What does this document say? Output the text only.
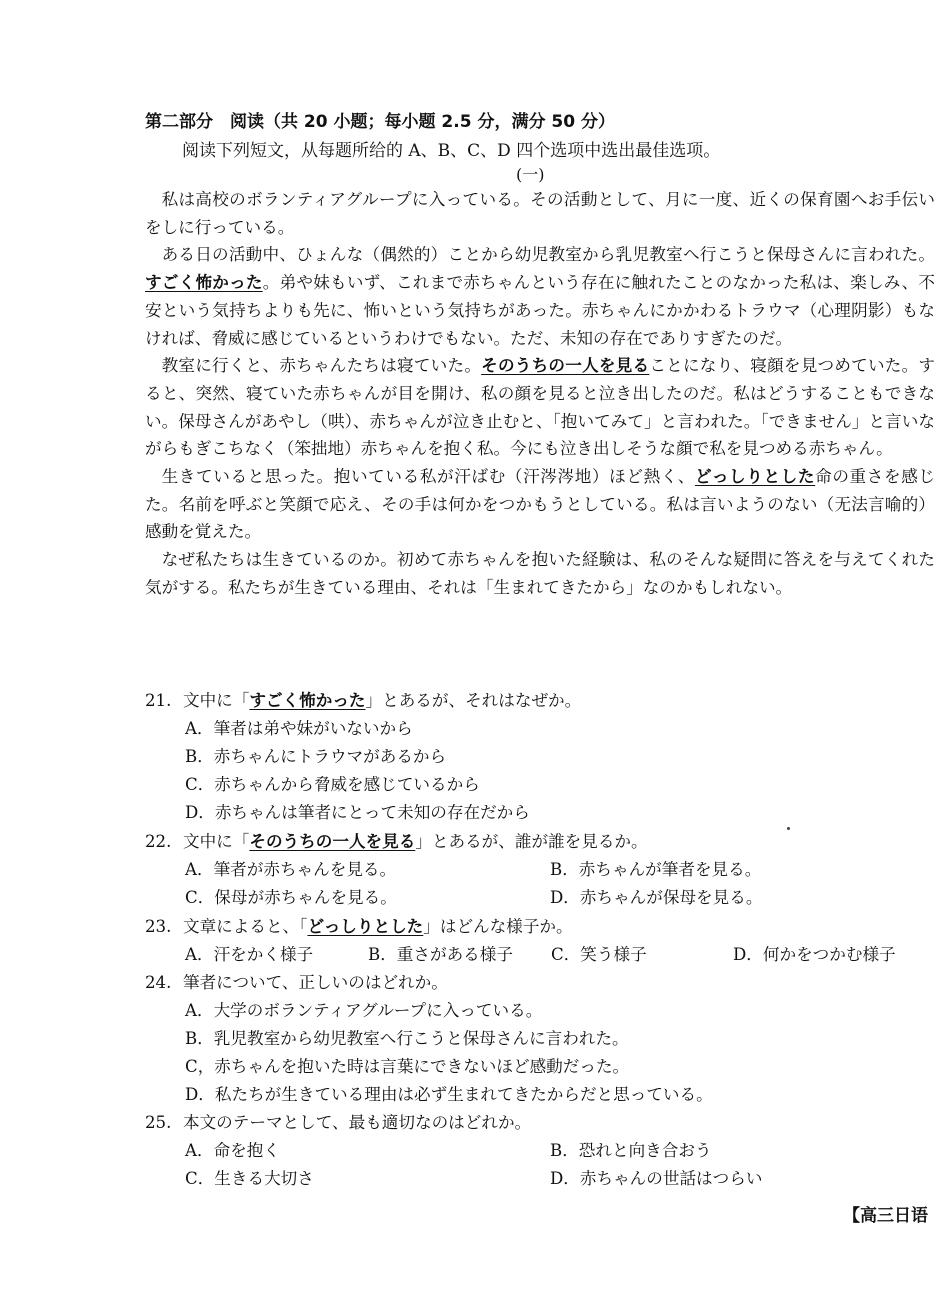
第二部分　阅读（共 20 小题；每小题 2.5 分，满分 50 分）
阅读下列短文，从每题所给的 A、B、C、D 四个选项中选出最佳选项。
(一)

私は高校のボランティアグループに入っている。その活動として、月に一度、近くの保育園へお手伝いをしに行っている。

ある日の活動中、ひょんな（偶然的）ことから幼児教室から乳児教室へ行こうと保母さんに言われた。すごく怖かった。弟や妹もいず、これまで赤ちゃんという存在に触れたことのなかった私は、楽しみ、不安という気持ちよりも先に、怖いという気持ちがあった。赤ちゃんにかかわるトラウマ（心理阴影）もなければ、脅威に感じているというわけでもない。ただ、未知の存在でありすぎたのだ。

教室に行くと、赤ちゃんたちは寝ていた。そのうちの一人を見ることになり、寝顔を見つめていた。すると、突然、寝ていた赤ちゃんが目を開け、私の顔を見ると泣き出したのだ。私はどうすることもできない。保母さんがあやし（哄）、赤ちゃんが泣き止むと、「抱いてみて」と言われた。「できません」と言いながらもぎこちなく（笨拙地）赤ちゃんを抱く私。今にも泣き出しそうな顔で私を見つめる赤ちゃん。

生きていると思った。抱いている私が汗ばむ（汗涔涔地）ほど熱く、どっしりとした命の重さを感じた。名前を呼ぶと笑顔で応え、その手は何かをつかもうとしている。私は言いようのない（无法言喻的）感動を覚えた。

なぜ私たちは生きているのか。初めて赤ちゃんを抱いた経験は、私のそんな疑問に答えを与えてくれた気がする。私たちが生きている理由、それは「生まれてきたから」なのかもしれない。

21. 文中に「すごく怖かった」とあるが、それはなぜか。
A．筆者は弟や妹がいないから
B．赤ちゃんにトラウマがあるから
C．赤ちゃんから脅威を感じているから
D．赤ちゃんは筆者にとって未知の存在だから
22. 文中に「そのうちの一人を見る」とあるが、誰が誰を見るか。
A．筆者が赤ちゃんを見る。	B．赤ちゃんが筆者を見る。
C．保母が赤ちゃんを見る。	D．赤ちゃんが保母を見る。
23. 文章によると、「どっしりとした」はどんな様子か。
A．汗をかく様子	B．重さがある様子	C．笑う様子	D．何かをつかむ様子
24. 筆者について、正しいのはどれか。
A．大学のボランティアグループに入っている。
B．乳児教室から幼児教室へ行こうと保母さんに言われた。
C，赤ちゃんを抱いた時は言葉にできないほど感動だった。
D．私たちが生きている理由は必ず生まれてきたからだと思っている。
25. 本文のテーマとして、最も適切なのはどれか。
A．命を抱く	B．恐れと向き合おう
C．生きる大切さ	D．赤ちゃんの世話はつらい
【高三日语
